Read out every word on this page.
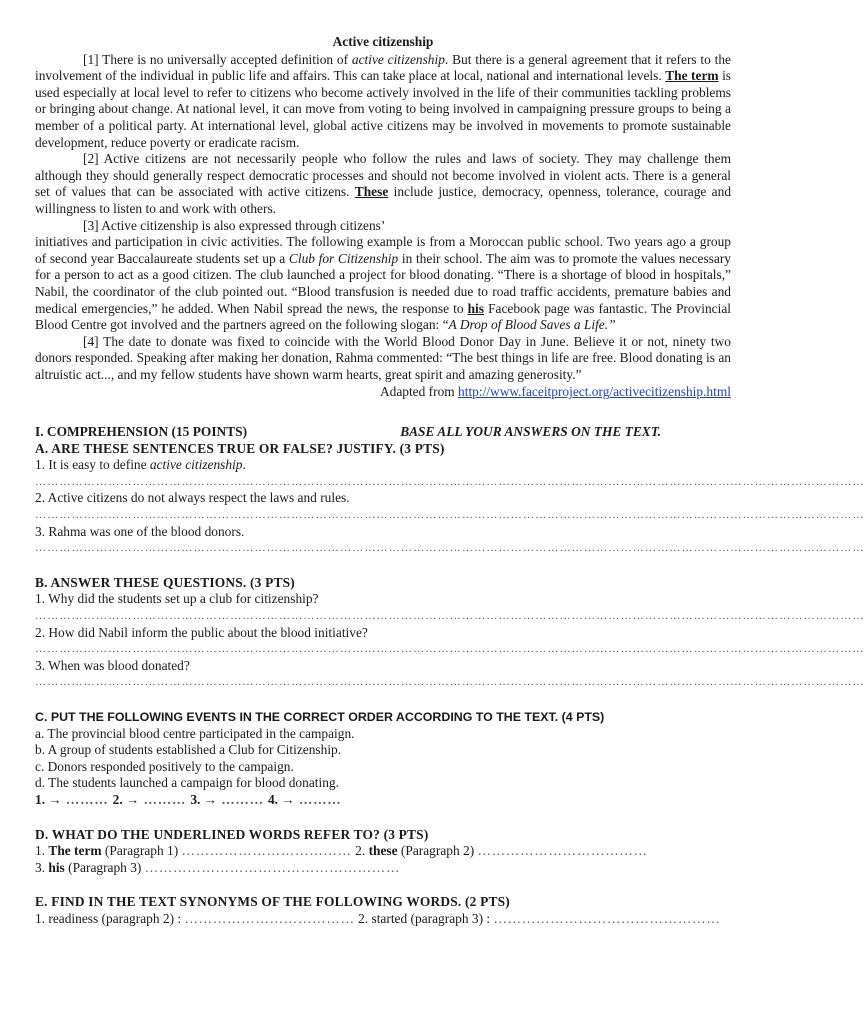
Active citizenship

[1] There is no universally accepted definition of active citizenship. But there is a general agreement that it refers to the involvement of the individual in public life and affairs. This can take place at local, national and international levels. The term is used especially at local level to refer to citizens who become actively involved in the life of their communities tackling problems or bringing about change. At national level, it can move from voting to being involved in campaigning pressure groups to being a member of a political party. At international level, global active citizens may be involved in movements to promote sustainable development, reduce poverty or eradicate racism.

[2] Active citizens are not necessarily people who follow the rules and laws of society. They may challenge them although they should generally respect democratic processes and should not become involved in violent acts. There is a general set of values that can be associated with active citizens. These include justice, democracy, openness, tolerance, courage and willingness to listen to and work with others.

[3] Active citizenship is also expressed through citizens’

initiatives and participation in civic activities. The following example is from a Moroccan public school. Two years ago a group of second year Baccalaureate students set up a Club for Citizenship in their school. The aim was to promote the values necessary for a person to act as a good citizen. The club launched a project for blood donating. “There is a shortage of blood in hospitals,” Nabil, the coordinator of the club pointed out. “Blood transfusion is needed due to road traffic accidents, premature babies and medical emergencies,” he added. When Nabil spread the news, the response to his Facebook page was fantastic. The Provincial Blood Centre got involved and the partners agreed on the following slogan: “A Drop of Blood Saves a Life.”

[4] The date to donate was fixed to coincide with the World Blood Donor Day in June. Believe it or not, ninety two donors responded. Speaking after making her donation, Rahma commented: “The best things in life are free. Blood donating is an altruistic act..., and my fellow students have shown warm hearts, great spirit and amazing generosity.”

Adapted from http://www.faceitproject.org/activecitizenship.html

I. COMPREHENSION (15 POINTS)	BASE ALL YOUR ANSWERS ON THE TEXT.

A. ARE THESE SENTENCES TRUE OR FALSE? JUSTIFY. (3 PTS)

1. It is easy to define active citizenship.

……………………………………………………………………………………………………………………………………………………………………………………

2. Active citizens do not always respect the laws and rules.

……………………………………………………………………………………………………………………………………………………………………………………

3. Rahma was one of the blood donors.

……………………………………………………………………………………………………………………………………………………………………………………

B. ANSWER THESE QUESTIONS. (3 PTS)

1. Why did the students set up a club for citizenship?

……………………………………………………………………………………………………………………………………………………………………………………

2. How did Nabil inform the public about the blood initiative?

……………………………………………………………………………………………………………………………………………………………………………………

3. When was blood donated?

……………………………………………………………………………………………………………………………………………………………………………………

C. PUT THE FOLLOWING EVENTS IN THE CORRECT ORDER ACCORDING TO THE TEXT. (4 PTS)

a. The provincial blood centre participated in the campaign.

b. A group of students established a Club for Citizenship.

c. Donors responded positively to the campaign.

d. The students launched a campaign for blood donating.

1. → ……… 2. → ……… 3. → ……… 4. → ………

D. WHAT DO THE UNDERLINED WORDS REFER TO? (3 PTS)

1. The term (Paragraph 1) ……………………………… 2. these (Paragraph 2) ………………………………

3. his (Paragraph 3) ………………………………………………

E. FIND IN THE TEXT SYNONYMS OF THE FOLLOWING WORDS. (2 PTS)

1. readiness (paragraph 2) : ……………………………… 2. started (paragraph 3) : …………………………………………
